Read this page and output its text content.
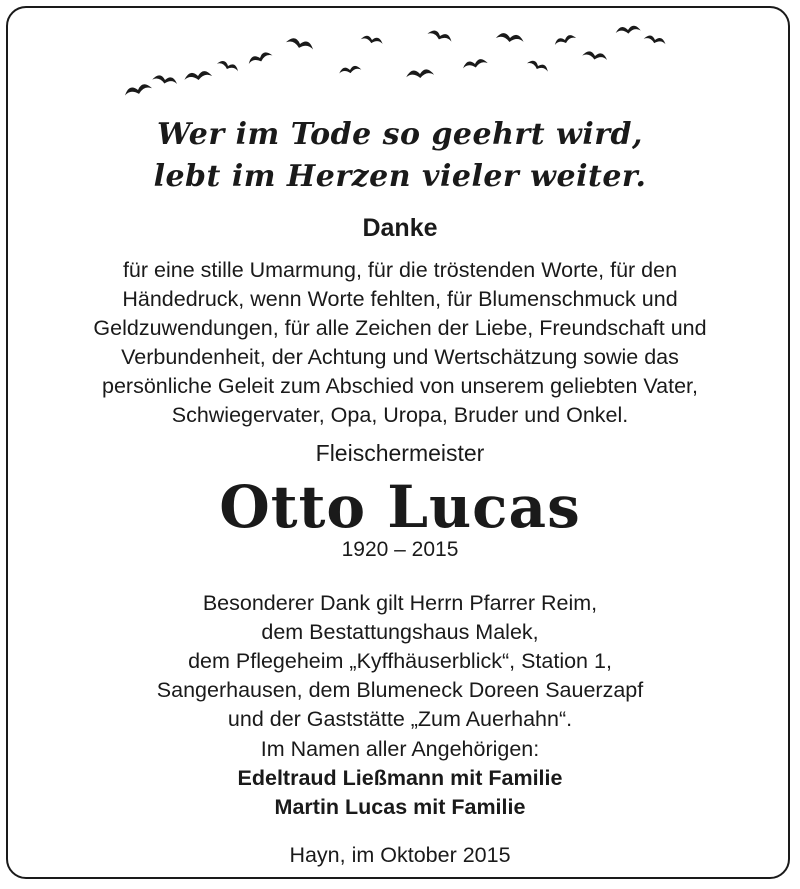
Wer im Tode so geehrt wird,
lebt im Herzen vieler weiter.
Danke
für eine stille Umarmung, für die tröstenden Worte, für den
Händedruck, wenn Worte fehlten, für Blumenschmuck und
Geldzuwendungen, für alle Zeichen der Liebe, Freundschaft und
Verbundenheit, der Achtung und Wertschätzung sowie das
persönliche Geleit zum Abschied von unserem geliebten Vater,
Schwiegervater, Opa, Uropa, Bruder und Onkel.
Fleischermeister
Otto Lucas
1920 – 2015
Besonderer Dank gilt Herrn Pfarrer Reim,
dem Bestattungshaus Malek,
dem Pflegeheim „Kyffhäuserblick“, Station 1,
Sangerhausen, dem Blumeneck Doreen Sauerzapf
und der Gaststätte „Zum Auerhahn“.
Im Namen aller Angehörigen:
Edeltraud Ließmann mit Familie
Martin Lucas mit Familie
Hayn, im Oktober 2015
